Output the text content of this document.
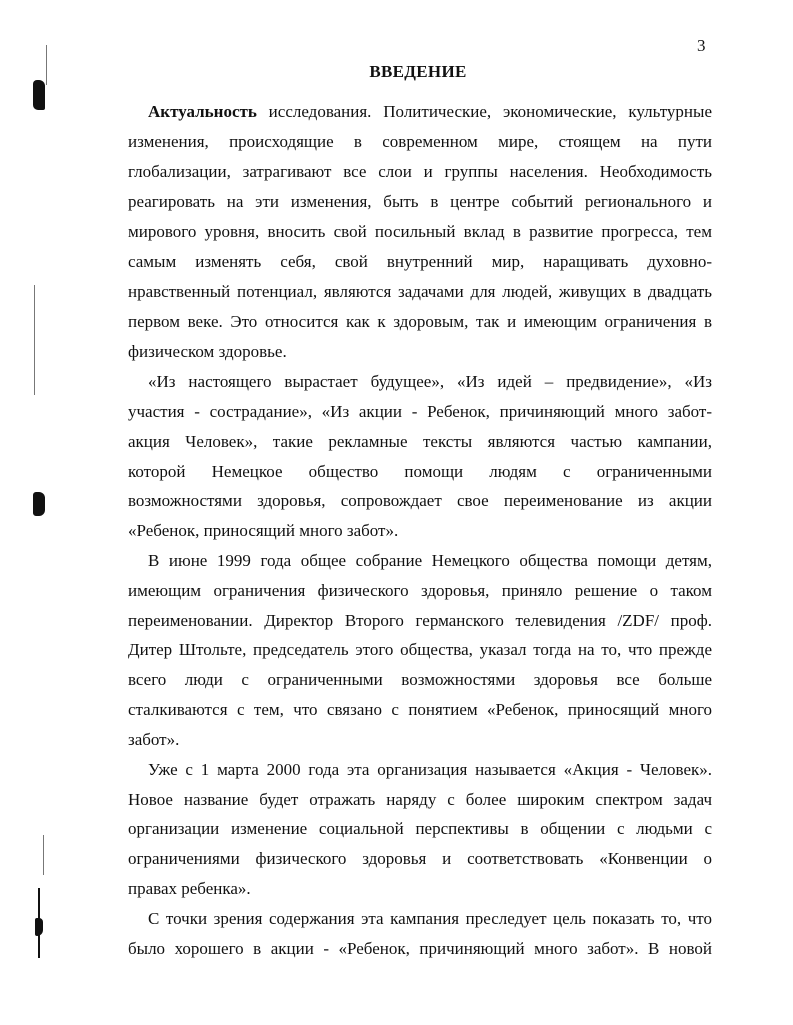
3
ВВЕДЕНИЕ
Актуальность исследования. Политические, экономические, культурные
изменения, происходящие в современном мире, стоящем на пути
глобализации, затрагивают все слои и группы населения. Необходимость
реагировать на эти изменения, быть в центре событий регионального и
мирового уровня, вносить свой посильный вклад в развитие прогресса, тем
самым изменять себя, свой внутренний мир, наращивать духовно-
нравственный потенциал, являются задачами для людей, живущих в двадцать
первом веке. Это относится как к здоровым, так и имеющим ограничения в
физическом здоровье.
«Из настоящего вырастает будущее», «Из идей – предвидение», «Из
участия - сострадание», «Из акции - Ребенок, причиняющий много забот-
акция Человек», такие рекламные тексты являются частью кампании,
которой Немецкое общество помощи людям с ограниченными
возможностями здоровья, сопровождает свое переименование из акции
«Ребенок, приносящий много забот».
В июне 1999 года общее собрание Немецкого общества помощи детям,
имеющим ограничения физического здоровья, приняло решение о таком
переименовании. Директор Второго германского телевидения /ZDF/ проф.
Дитер Штольте, председатель этого общества, указал тогда на то, что прежде
всего люди с ограниченными возможностями здоровья все больше
сталкиваются с тем, что связано с понятием «Ребенок, приносящий много
забот».
Уже с 1 марта 2000 года эта организация называется «Акция - Человек».
Новое название будет отражать наряду с более широким спектром задач
организации изменение социальной перспективы в общении с людьми с
ограничениями физического здоровья и соответствовать «Конвенции о
правах ребенка».
С точки зрения содержания эта кампания преследует цель показать то, что
было хорошего в акции - «Ребенок, причиняющий много забот». В новой
